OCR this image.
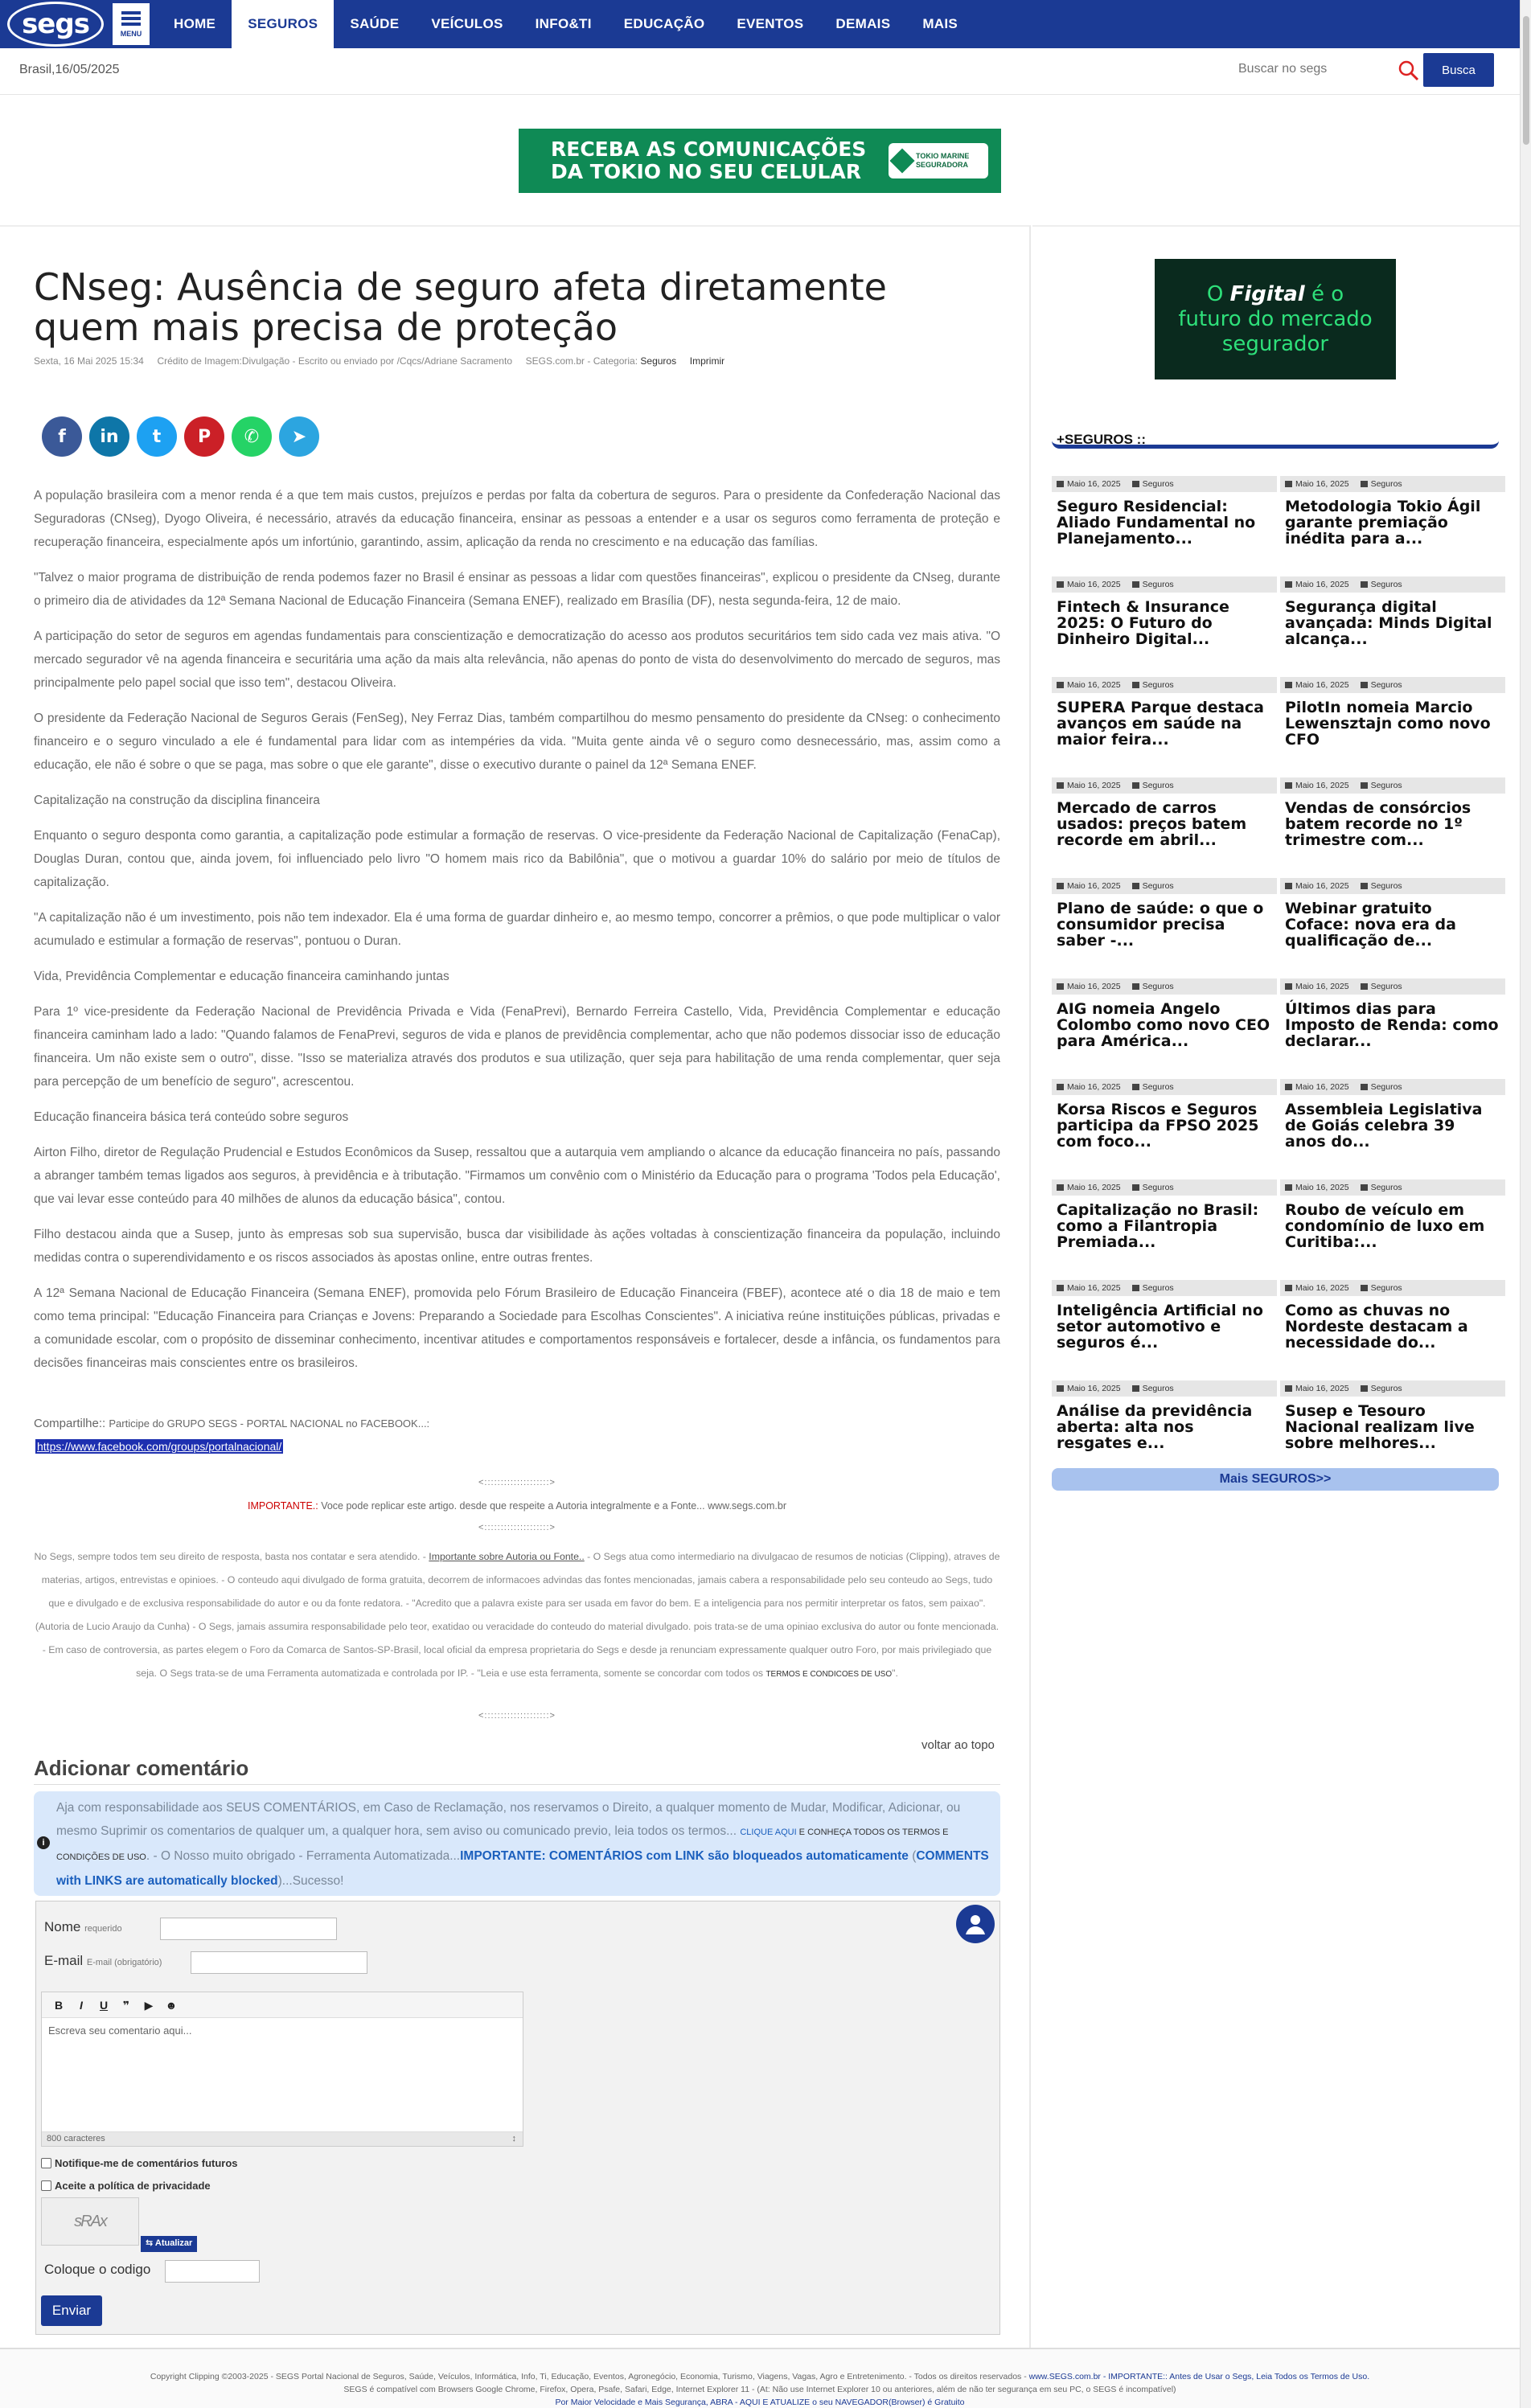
segs	MENU
HOME	SEGUROS	SAÚDE	VEÍCULOS	INFO&TI	EDUCAÇÃO	EVENTOS	DEMAIS	MAIS
Brasil,16/05/2025
Buscar no segs	Busca
RECEBA AS COMUNICAÇÕES
DA TOKIO NO SEU CELULAR
TOKIO MARINE
SEGURADORA
CNseg: Ausência de seguro afeta diretamente quem mais precisa de proteção
Sexta, 16 Mai 2025 15:34 Crédito de Imagem:Divulgação - Escrito ou enviado por /Cqcs/Adriane Sacramento SEGS.com.br - Categoria: Seguros Imprimir
f	in	t	P	✆	➤

A população brasileira com a menor renda é a que tem mais custos, prejuízos e perdas por falta da cobertura de seguros. Para o presidente da Confederação Nacional das Seguradoras (CNseg), Dyogo Oliveira, é necessário, através da educação financeira, ensinar as pessoas a entender e a usar os seguros como ferramenta de proteção e recuperação financeira, especialmente após um infortúnio, garantindo, assim, aplicação da renda no crescimento e na educação das famílias.

"Talvez o maior programa de distribuição de renda podemos fazer no Brasil é ensinar as pessoas a lidar com questões financeiras", explicou o presidente da CNseg, durante o primeiro dia de atividades da 12ª Semana Nacional de Educação Financeira (Semana ENEF), realizado em Brasília (DF), nesta segunda-feira, 12 de maio.

A participação do setor de seguros em agendas fundamentais para conscientização e democratização do acesso aos produtos securitários tem sido cada vez mais ativa. "O mercado segurador vê na agenda financeira e securitária uma ação da mais alta relevância, não apenas do ponto de vista do desenvolvimento do mercado de seguros, mas principalmente pelo papel social que isso tem", destacou Oliveira.

O presidente da Federação Nacional de Seguros Gerais (FenSeg), Ney Ferraz Dias, também compartilhou do mesmo pensamento do presidente da CNseg: o conhecimento financeiro e o seguro vinculado a ele é fundamental para lidar com as intempéries da vida. "Muita gente ainda vê o seguro como desnecessário, mas, assim como a educação, ele não é sobre o que se paga, mas sobre o que ele garante", disse o executivo durante o painel da 12ª Semana ENEF.

Capitalização na construção da disciplina financeira

Enquanto o seguro desponta como garantia, a capitalização pode estimular a formação de reservas. O vice-presidente da Federação Nacional de Capitalização (FenaCap), Douglas Duran, contou que, ainda jovem, foi influenciado pelo livro "O homem mais rico da Babilônia", que o motivou a guardar 10% do salário por meio de títulos de capitalização.

"A capitalização não é um investimento, pois não tem indexador. Ela é uma forma de guardar dinheiro e, ao mesmo tempo, concorrer a prêmios, o que pode multiplicar o valor acumulado e estimular a formação de reservas", pontuou o Duran.

Vida, Previdência Complementar e educação financeira caminhando juntas

Para 1º vice-presidente da Federação Nacional de Previdência Privada e Vida (FenaPrevi), Bernardo Ferreira Castello, Vida, Previdência Complementar e educação financeira caminham lado a lado: "Quando falamos de FenaPrevi, seguros de vida e planos de previdência complementar, acho que não podemos dissociar isso de educação financeira. Um não existe sem o outro", disse. "Isso se materializa através dos produtos e sua utilização, quer seja para habilitação de uma renda complementar, quer seja para percepção de um benefício de seguro", acrescentou.

Educação financeira básica terá conteúdo sobre seguros

Airton Filho, diretor de Regulação Prudencial e Estudos Econômicos da Susep, ressaltou que a autarquia vem ampliando o alcance da educação financeira no país, passando a abranger também temas ligados aos seguros, à previdência e à tributação. "Firmamos um convênio com o Ministério da Educação para o programa 'Todos pela Educação', que vai levar esse conteúdo para 40 milhões de alunos da educação básica", contou.

Filho destacou ainda que a Susep, junto às empresas sob sua supervisão, busca dar visibilidade às ações voltadas à conscientização financeira da população, incluindo medidas contra o superendividamento e os riscos associados às apostas online, entre outras frentes.

A 12ª Semana Nacional de Educação Financeira (Semana ENEF), promovida pelo Fórum Brasileiro de Educação Financeira (FBEF), acontece até o dia 18 de maio e tem como tema principal: "Educação Financeira para Crianças e Jovens: Preparando a Sociedade para Escolhas Conscientes". A iniciativa reúne instituições públicas, privadas e a comunidade escolar, com o propósito de disseminar conhecimento, incentivar atitudes e comportamentos responsáveis e fortalecer, desde a infância, os fundamentos para decisões financeiras mais conscientes entre os brasileiros.

Compartilhe:: Participe do GRUPO SEGS - PORTAL NACIONAL no FACEBOOK...:
https://www.facebook.com/groups/portalnacional/
<::::::::::::::::::::>
IMPORTANTE.: Voce pode replicar este artigo. desde que respeite a Autoria integralmente e a Fonte... www.segs.com.br
<::::::::::::::::::::>
No Segs, sempre todos tem seu direito de resposta, basta nos contatar e sera atendido. - Importante sobre Autoria ou Fonte.. - O Segs atua como intermediario na divulgacao de resumos de noticias (Clipping), atraves de materias, artigos, entrevistas e opinioes. - O conteudo aqui divulgado de forma gratuita, decorrem de informacoes advindas das fontes mencionadas, jamais cabera a responsabilidade pelo seu conteudo ao Segs, tudo que e divulgado e de exclusiva responsabilidade do autor e ou da fonte redatora. - "Acredito que a palavra existe para ser usada em favor do bem. E a inteligencia para nos permitir interpretar os fatos, sem paixao". (Autoria de Lucio Araujo da Cunha) - O Segs, jamais assumira responsabilidade pelo teor, exatidao ou veracidade do conteudo do material divulgado. pois trata-se de uma opiniao exclusiva do autor ou fonte mencionada. - Em caso de controversia, as partes elegem o Foro da Comarca de Santos-SP-Brasil, local oficial da empresa proprietaria do Segs e desde ja renunciam expressamente qualquer outro Foro, por mais privilegiado que seja. O Segs trata-se de uma Ferramenta automatizada e controlada por IP. - "Leia e use esta ferramenta, somente se concordar com todos os TERMOS E CONDICOES DE USO".
<::::::::::::::::::::>
voltar ao topo
Adicionar comentário
i
Aja com responsabilidade aos SEUS COMENTÁRIOS, em Caso de Reclamação, nos reservamos o Direito, a qualquer momento de Mudar, Modificar, Adicionar, ou mesmo Suprimir os comentarios de qualquer um, a qualquer hora, sem aviso ou comunicado previo, leia todos os termos... CLIQUE AQUI E CONHEÇA TODOS OS TERMOS E CONDIÇÕES DE USO. - O Nosso muito obrigado - Ferramenta Automatizada...IMPORTANTE: COMENTÁRIOS com LINK são bloqueados automaticamente (COMMENTS with LINKS are automatically blocked)...Sucesso!
Nome requerido
E-mail E-mail (obrigatório)
B	I	U	❞	▶	☻
Escreva seu comentario aqui...
800 caracteres	↕
Notifique-me de comentários futuros
Aceite a política de privacidade
sRAx
⇆ Atualizar
Coloque o codigo
Enviar
O Figital é o
futuro do mercado
segurador
+SEGUROS ::
Maio 16, 2025	Seguros
Seguro Residencial: Aliado Fundamental no Planejamento...
Maio 16, 2025	Seguros
Metodologia Tokio Ágil garante premiação inédita para a...
Maio 16, 2025	Seguros
Fintech & Insurance 2025: O Futuro do Dinheiro Digital...
Maio 16, 2025	Seguros
Segurança digital avançada: Minds Digital alcança...
Maio 16, 2025	Seguros
SUPERA Parque destaca avanços em saúde na maior feira...
Maio 16, 2025	Seguros
PilotIn nomeia Marcio Lewensztajn como novo CFO
Maio 16, 2025	Seguros
Mercado de carros usados: preços batem recorde em abril...
Maio 16, 2025	Seguros
Vendas de consórcios batem recorde no 1º trimestre com...
Maio 16, 2025	Seguros
Plano de saúde: o que o consumidor precisa saber -...
Maio 16, 2025	Seguros
Webinar gratuito Coface: nova era da qualificação de...
Maio 16, 2025	Seguros
AIG nomeia Angelo Colombo como novo CEO para América...
Maio 16, 2025	Seguros
Últimos dias para Imposto de Renda: como declarar...
Maio 16, 2025	Seguros
Korsa Riscos e Seguros participa da FPSO 2025 com foco...
Maio 16, 2025	Seguros
Assembleia Legislativa de Goiás celebra 39 anos do...
Maio 16, 2025	Seguros
Capitalização no Brasil: como a Filantropia Premiada...
Maio 16, 2025	Seguros
Roubo de veículo em condomínio de luxo em Curitiba:...
Maio 16, 2025	Seguros
Inteligência Artificial no setor automotivo e seguros é...
Maio 16, 2025	Seguros
Como as chuvas no Nordeste destacam a necessidade do...
Maio 16, 2025	Seguros
Análise da previdência aberta: alta nos resgates e...
Maio 16, 2025	Seguros
Susep e Tesouro Nacional realizam live sobre melhores...
Mais SEGUROS>>
Copyright Clipping ©2003-2025 - SEGS Portal Nacional de Seguros, Saúde, Veículos, Informática, Info, Ti, Educação, Eventos, Agronegócio, Economia, Turismo, Viagens, Vagas, Agro e Entretenimento. - Todos os direitos reservados - www.SEGS.com.br - IMPORTANTE:: Antes de Usar o Segs, Leia Todos os Termos de Uso.
SEGS é compatível com Browsers Google Chrome, Firefox, Opera, Psafe, Safari, Edge, Internet Explorer 11 - (At: Não use Internet Explorer 10 ou anteriores, além de não ter segurança em seu PC, o SEGS é incompatível)
Por Maior Velocidade e Mais Segurança, ABRA - AQUI E ATUALIZE o seu NAVEGADOR(Browser) é Gratuito
